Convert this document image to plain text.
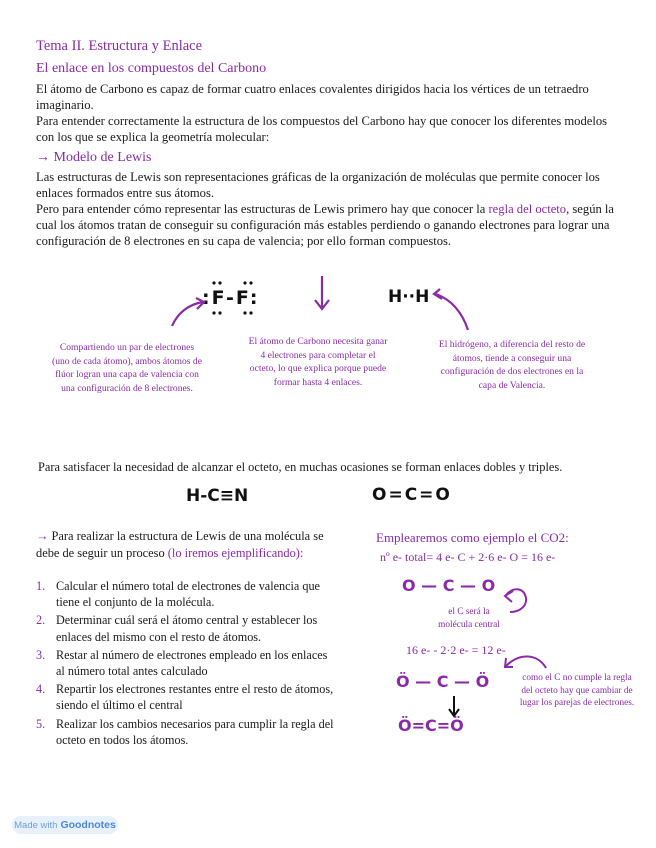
Tema II. Estructura y Enlace
El enlace en los compuestos del Carbono
El átomo de Carbono es capaz de formar cuatro enlaces covalentes dirigidos hacia los vértices de un tetraedro imaginario.
Para entender correctamente la estructura de los compuestos del Carbono hay que conocer los diferentes modelos con los que se explica la geometría molecular:
→ Modelo de Lewis
Las estructuras de Lewis son representaciones gráficas de la organización de moléculas que permite conocer los enlaces formados entre sus átomos.
Pero para entender cómo representar las estructuras de Lewis primero hay que conocer la regla del octeto, según la cual los átomos tratan de conseguir su configuración más estables perdiendo o ganando electrones para lograr una configuración de 8 electrones en su capa de valencia; por ello forman compuestos.
:F-F:	H··H
Compartiendo un par de electrones (uno de cada átomo), ambos átomos de flúor logran una capa de valencia con una configuración de 8 electrones.
El átomo de Carbono necesita ganar 4 electrones para completar el octeto, lo que explica porque puede formar hasta 4 enlaces.
El hidrógeno, a diferencia del resto de átomos, tiende a conseguir una configuración de dos electrones en la capa de Valencia.
Para satisfacer la necesidad de alcanzar el octeto, en muchas ocasiones se forman enlaces dobles y triples.
H-C≡N	O=C=O
→ Para realizar la estructura de Lewis de una molécula se debe de seguir un proceso (lo iremos ejemplificando):
1. Calcular el número total de electrones de valencia que tiene el conjunto de la molécula.
2. Determinar cuál será el átomo central y establecer los enlaces del mismo con el resto de átomos.
3. Restar al número de electrones empleado en los enlaces al número total antes calculado
4. Repartir los electrones restantes entre el resto de átomos, siendo el último el central
5. Realizar los cambios necesarios para cumplir la regla del octeto en todos los átomos.
Emplearemos como ejemplo el CO2:
nº e- total= 4 e- C + 2·6 e- O = 16 e-
O — C — O
el C será la molécula central
16 e- - 2·2 e- = 12 e-
Ö — C — Ö	como el C no cumple la regla del octeto hay que cambiar de lugar los parejas de electrones.
Ö=C=Ö
Made with Goodnotes
